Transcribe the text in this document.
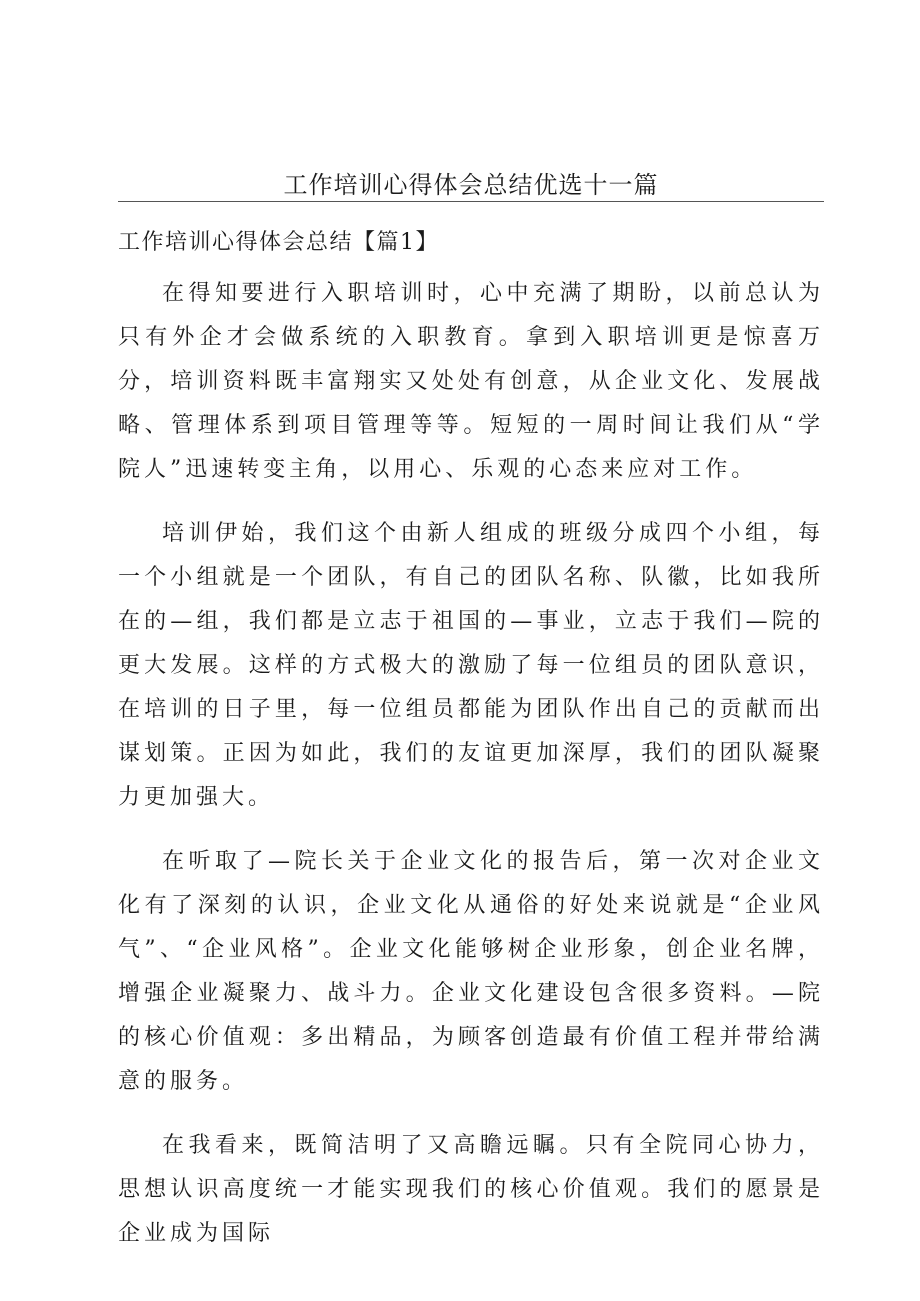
工作培训心得体会总结优选十一篇
工作培训心得体会总结【篇1】

在得知要进行入职培训时，心中充满了期盼，以前总认为只有外企才会做系统的入职教育。拿到入职培训更是惊喜万分，培训资料既丰富翔实又处处有创意，从企业文化、发展战略、管理体系到项目管理等等。短短的一周时间让我们从“学院人”迅速转变主角，以用心、乐观的心态来应对工作。

培训伊始，我们这个由新人组成的班级分成四个小组，每一个小组就是一个团队，有自己的团队名称、队徽，比如我所在的—组，我们都是立志于祖国的—事业，立志于我们—院的更大发展。这样的方式极大的激励了每一位组员的团队意识，在培训的日子里，每一位组员都能为团队作出自己的贡献而出谋划策。正因为如此，我们的友谊更加深厚，我们的团队凝聚力更加强大。

在听取了—院长关于企业文化的报告后，第一次对企业文化有了深刻的认识，企业文化从通俗的好处来说就是“企业风气”、“企业风格”。企业文化能够树企业形象，创企业名牌，增强企业凝聚力、战斗力。企业文化建设包含很多资料。—院的核心价值观：多出精品，为顾客创造最有价值工程并带给满意的服务。

在我看来，既简洁明了又高瞻远瞩。只有全院同心协力，思想认识高度统一才能实现我们的核心价值观。我们的愿景是企业成为国际
